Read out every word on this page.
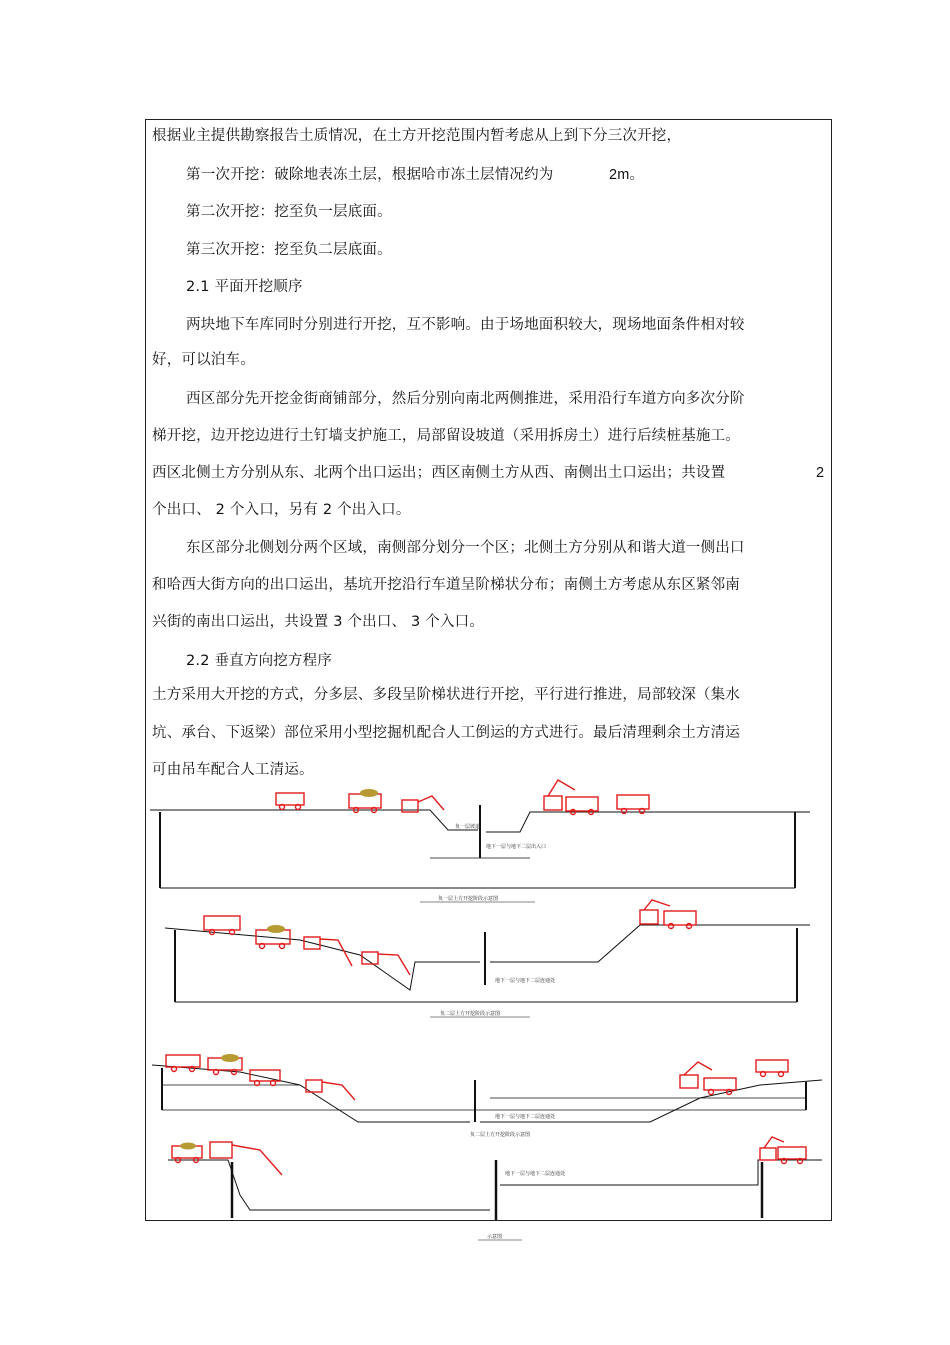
根据业主提供勘察报告土质情况，在土方开挖范围内暂考虑从上到下分三次开挖，
第一次开挖：破除地表冻土层，根据哈市冻土层情况约为	2m。
第二次开挖：挖至负一层底面。
第三次开挖：挖至负二层底面。
2.1 平面开挖顺序
两块地下车库同时分别进行开挖，互不影响。由于场地面积较大，现场地面条件相对较
好，可以泊车。
西区部分先开挖金街商铺部分，然后分别向南北两侧推进，采用沿行车道方向多次分阶
梯开挖，边开挖边进行土钉墙支护施工，局部留设坡道（采用拆房土）进行后续桩基施工。
西区北侧土方分别从东、北两个出口运出；西区南侧土方从西、南侧出土口运出；共设置	2
个出口、 2 个入口，另有 2 个出入口。
东区部分北侧划分两个区域，南侧部分划分一个区；北侧土方分别从和谐大道一侧出口
和哈西大街方向的出口运出，基坑开挖沿行车道呈阶梯状分布；南侧土方考虑从东区紧邻南
兴街的南出口运出，共设置 3 个出口、 3 个入口。
2.2 垂直方向挖方程序
土方采用大开挖的方式，分多层、多段呈阶梯状进行开挖，平行进行推进，局部较深（集水
坑、承台、下返梁）部位采用小型挖掘机配合人工倒运的方式进行。最后清理剩余土方清运
可由吊车配合人工清运。
负一层坡道
地下一层与地下二层出入口
负一层土方开挖阶段示意图
地下一层与地下二层连通处
负二层土方开挖阶段示意图
地下一层与地下二层连通处
负二层土方开挖阶段示意图
地下一层与地下二层连通处
示意图
